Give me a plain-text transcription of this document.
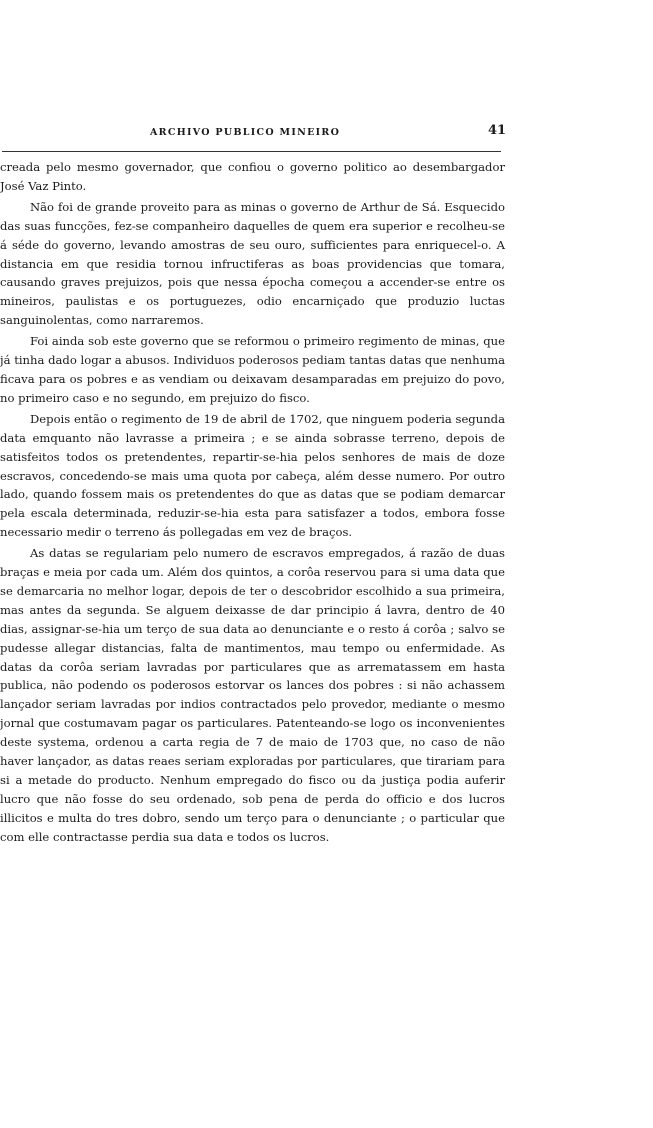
ARCHIVO PUBLICO MINEIRO	41

creada pelo mesmo governador, que confiou o governo politico ao desembargador José Vaz Pinto.

Não foi de grande proveito para as minas o governo de Arthur de Sá. Esquecido das suas funcções, fez-se companheiro daquelles de quem era superior e recolheu-se á séde do governo, levando amostras de seu ouro, sufficientes para enriquecel-o. A distancia em que residia tornou infructiferas as boas providencias que tomara, causando graves prejuizos, pois que nessa épocha começou a accender-se entre os mineiros, paulistas e os portuguezes, odio encarniçado que produzio luctas sanguinolentas, como narraremos.

Foi ainda sob este governo que se reformou o primeiro regimento de minas, que já tinha dado logar a abusos. Individuos poderosos pediam tantas datas que nenhuma ficava para os pobres e as vendiam ou deixavam desamparadas em prejuizo do povo, no primeiro caso e no segundo, em prejuizo do fisco.

Depois então o regimento de 19 de abril de 1702, que ninguem poderia segunda data emquanto não lavrasse a primeira ; e se ainda sobrasse terreno, depois de satisfeitos todos os pretendentes, repartir-se-hia pelos senhores de mais de doze escravos, concedendo-se mais uma quota por cabeça, além desse numero. Por outro lado, quando fossem mais os pretendentes do que as datas que se podiam demarcar pela escala determinada, reduzir-se-hia esta para satisfazer a todos, embora fosse necessario medir o terreno ás pollegadas em vez de braços.

As datas se regulariam pelo numero de escravos empregados, á razão de duas braças e meia por cada um. Além dos quintos, a corôa reservou para si uma data que se demarcaria no melhor logar, depois de ter o descobridor escolhido a sua primeira, mas antes da segunda. Se alguem deixasse de dar principio á lavra, dentro de 40 dias, assignar-se-hia um terço de sua data ao denunciante e o resto á corôa ; salvo se pudesse allegar distancias, falta de mantimentos, mau tempo ou enfermidade. As datas da corôa seriam lavradas por particulares que as arrematassem em hasta publica, não podendo os poderosos estorvar os lances dos pobres : si não achassem lançador seriam lavradas por indios contractados pelo provedor, mediante o mesmo jornal que costumavam pagar os particulares. Patenteando-se logo os inconvenientes deste systema, ordenou a carta regia de 7 de maio de 1703 que, no caso de não haver lançador, as datas reaes seriam exploradas por particulares, que tirariam para si a metade do producto. Nenhum empregado do fisco ou da justiça podia auferir lucro que não fosse do seu ordenado, sob pena de perda do officio e dos lucros illicitos e multa do tres dobro, sendo um terço para o denunciante ; o particular que com elle contractasse perdia sua data e todos os lucros.
